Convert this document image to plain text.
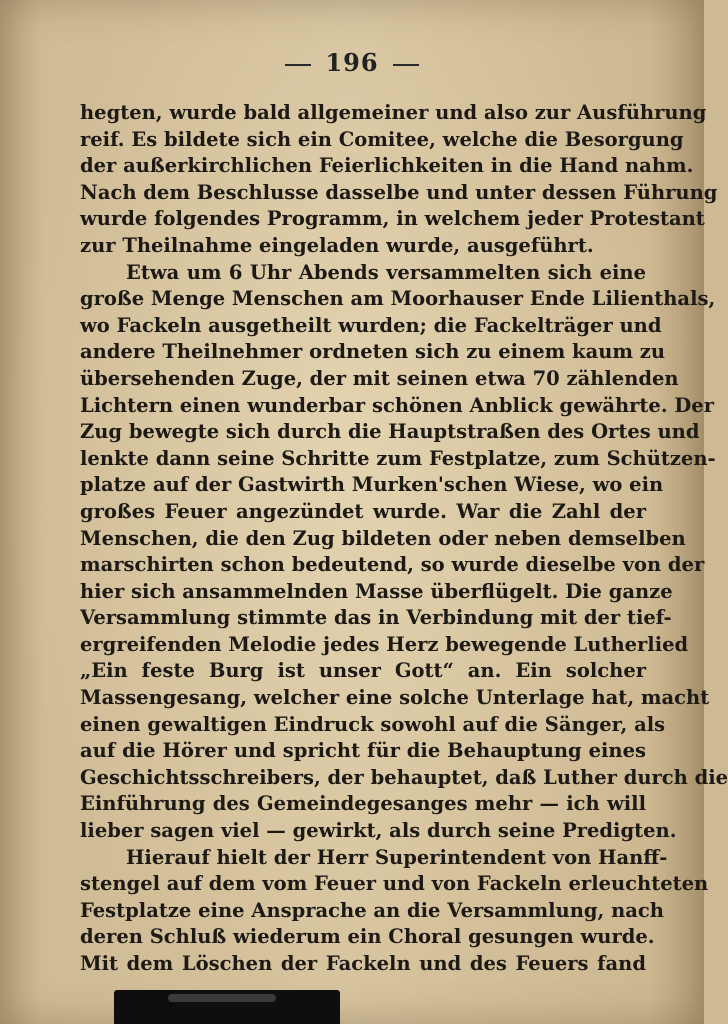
196
hegten, wurde bald allgemeiner und also zur Ausführung
reif. Es bildete sich ein Comitee, welche die Besorgung
der außerkirchlichen Feierlichkeiten in die Hand nahm.
Nach dem Beschlusse dasselbe und unter dessen Führung
wurde folgendes Programm, in welchem jeder Protestant
zur Theilnahme eingeladen wurde, ausgeführt.
Etwa um 6 Uhr Abends versammelten sich eine
große Menge Menschen am Moorhauser Ende Lilienthals,
wo Fackeln ausgetheilt wurden; die Fackelträger und
andere Theilnehmer ordneten sich zu einem kaum zu
übersehenden Zuge, der mit seinen etwa 70 zählenden
Lichtern einen wunderbar schönen Anblick gewährte. Der
Zug bewegte sich durch die Hauptstraßen des Ortes und
lenkte dann seine Schritte zum Festplatze, zum Schützen-
platze auf der Gastwirth Murken'schen Wiese, wo ein
großes Feuer angezündet wurde. War die Zahl der
Menschen, die den Zug bildeten oder neben demselben
marschirten schon bedeutend, so wurde dieselbe von der
hier sich ansammelnden Masse überflügelt. Die ganze
Versammlung stimmte das in Verbindung mit der tief-
ergreifenden Melodie jedes Herz bewegende Lutherlied
„Ein feste Burg ist unser Gott“ an. Ein solcher
Massengesang, welcher eine solche Unterlage hat, macht
einen gewaltigen Eindruck sowohl auf die Sänger, als
auf die Hörer und spricht für die Behauptung eines
Geschichtsschreibers, der behauptet, daß Luther durch die
Einführung des Gemeindegesanges mehr — ich will
lieber sagen viel — gewirkt, als durch seine Predigten.
Hierauf hielt der Herr Superintendent von Hanff-
stengel auf dem vom Feuer und von Fackeln erleuchteten
Festplatze eine Ansprache an die Versammlung, nach
deren Schluß wiederum ein Choral gesungen wurde.
Mit dem Löschen der Fackeln und des Feuers fand
